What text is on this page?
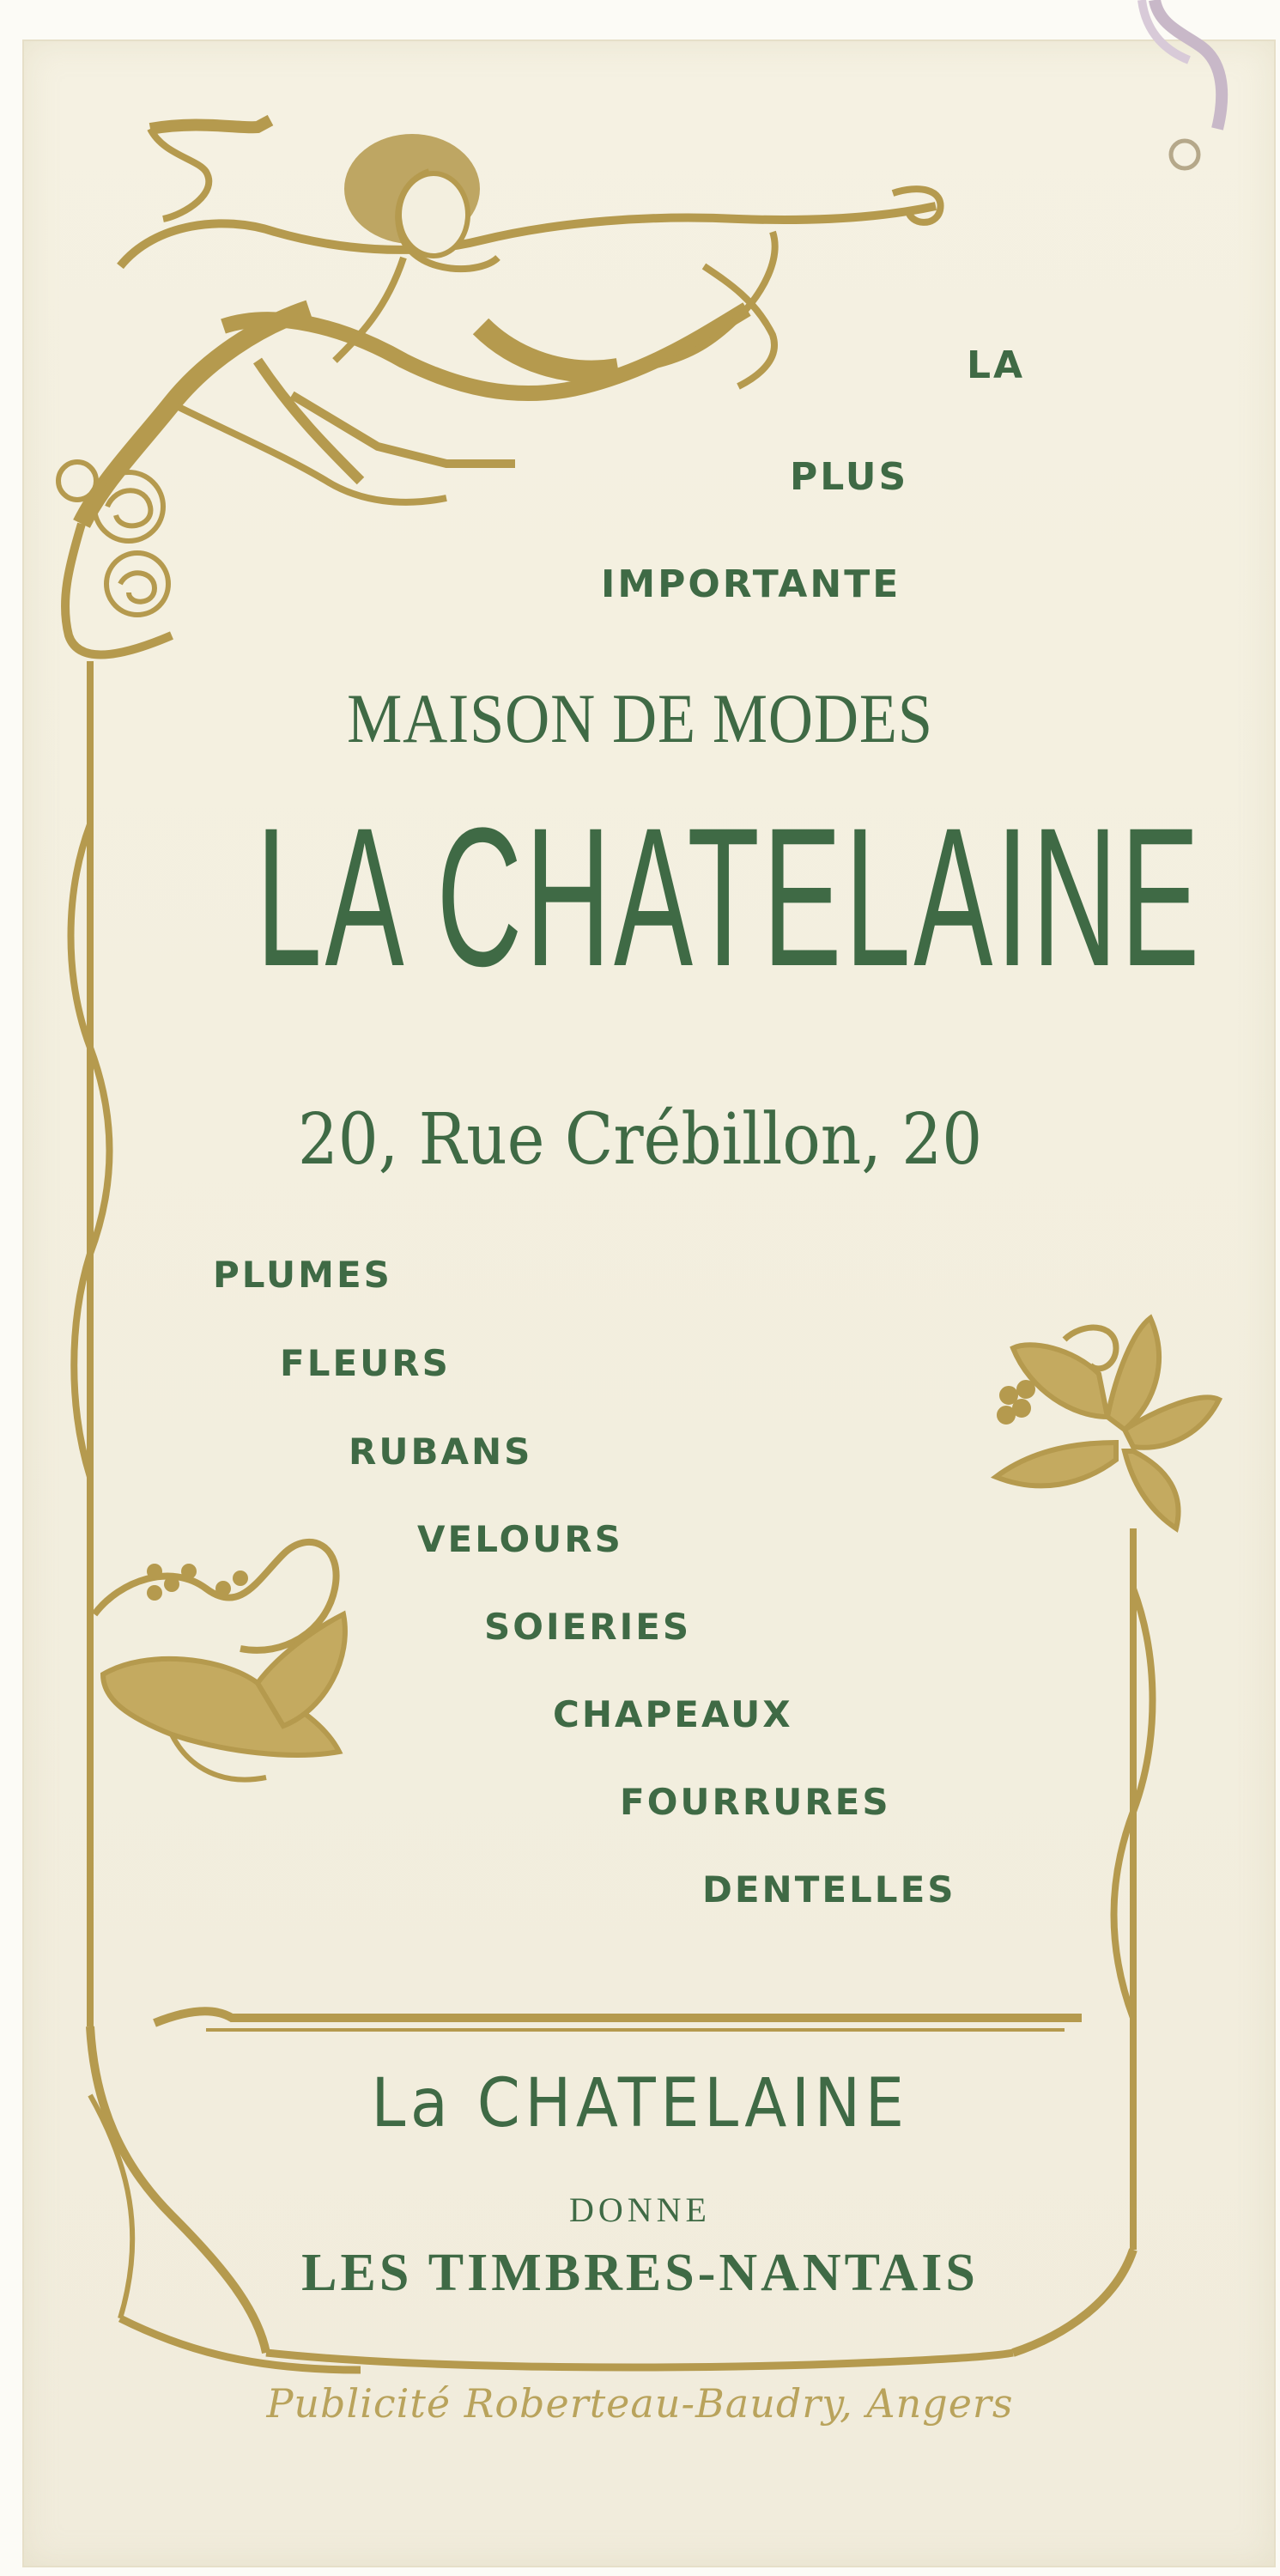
LA

PLUS

IMPORTANTE

MAISON DE MODES

LA CHATELAINE

20, Rue Crébillon, 20

PLUMES

FLEURS

RUBANS

VELOURS

SOIERIES

CHAPEAUX

FOURRURES

DENTELLES

La CHATELAINE

DONNE

LES TIMBRES-NANTAIS

Publicité Roberteau-Baudry, Angers
